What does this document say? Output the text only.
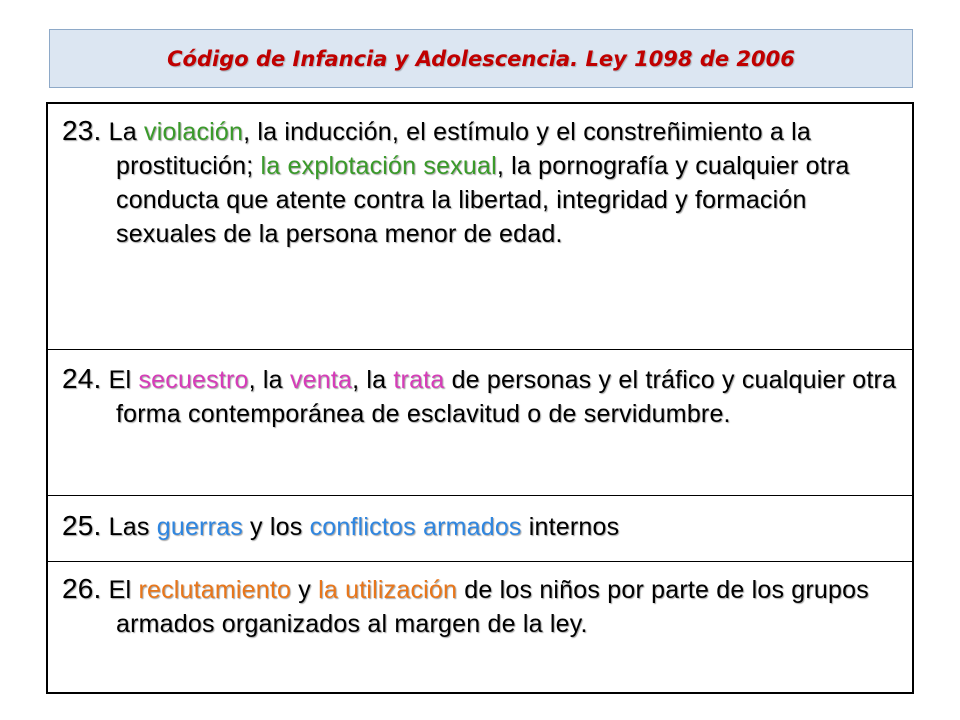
Código de Infancia y Adolescencia. Ley 1098 de 2006
23. La violación, la inducción, el estímulo y el constreñimiento a la prostitución; la explotación sexual, la pornografía y cualquier otra conducta que atente contra la libertad, integridad y formación sexuales de la persona menor de edad.
24. El secuestro, la venta, la trata de personas y el tráfico y cualquier otra forma contemporánea de esclavitud o de servidumbre.
25. Las guerras y los conflictos armados internos
26. El reclutamiento y la utilización de los niños por parte de los grupos armados organizados al margen de la ley.
